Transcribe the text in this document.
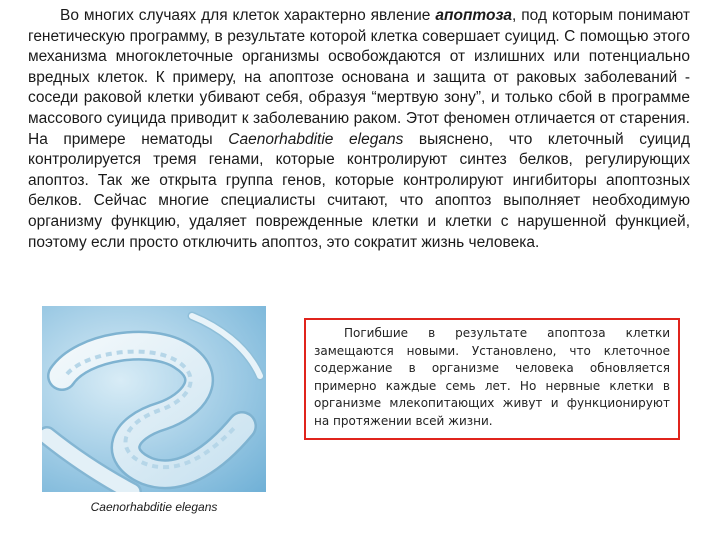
Во многих случаях для клеток характерно явление апоптоза, под которым понимают генетическую программу, в результате которой клетка совершает суицид. С помощью этого механизма многоклеточные организмы освобождаются от излишних или потенциально вредных клеток. К примеру, на апоптозе основана и защита от раковых заболеваний - соседи раковой клетки убивают себя, образуя “мертвую зону”, и только сбой в программе массового суицида приводит к заболеванию раком. Этот феномен отличается от старения. На примере нематоды Caenorhabditie elegans выяснено, что клеточный суицид контролируется тремя генами, которые контролируют синтез белков, регулирующих апоптоз. Так же открыта группа генов, которые контролируют ингибиторы апоптозных белков. Сейчас многие специалисты считают, что апоптоз выполняет необходимую организму функцию, удаляет поврежденные клетки и клетки с нарушенной функцией, поэтому если просто отключить апоптоз, это сократит жизнь человека.

Caenorhabditie elegans

Погибшие в результате апоптоза клетки замещаются новыми. Установлено, что клеточное содержание в организме человека обновляется примерно каждые семь лет. Но нервные клетки в организме млекопитающих живут и функционируют на протяжении всей жизни.
